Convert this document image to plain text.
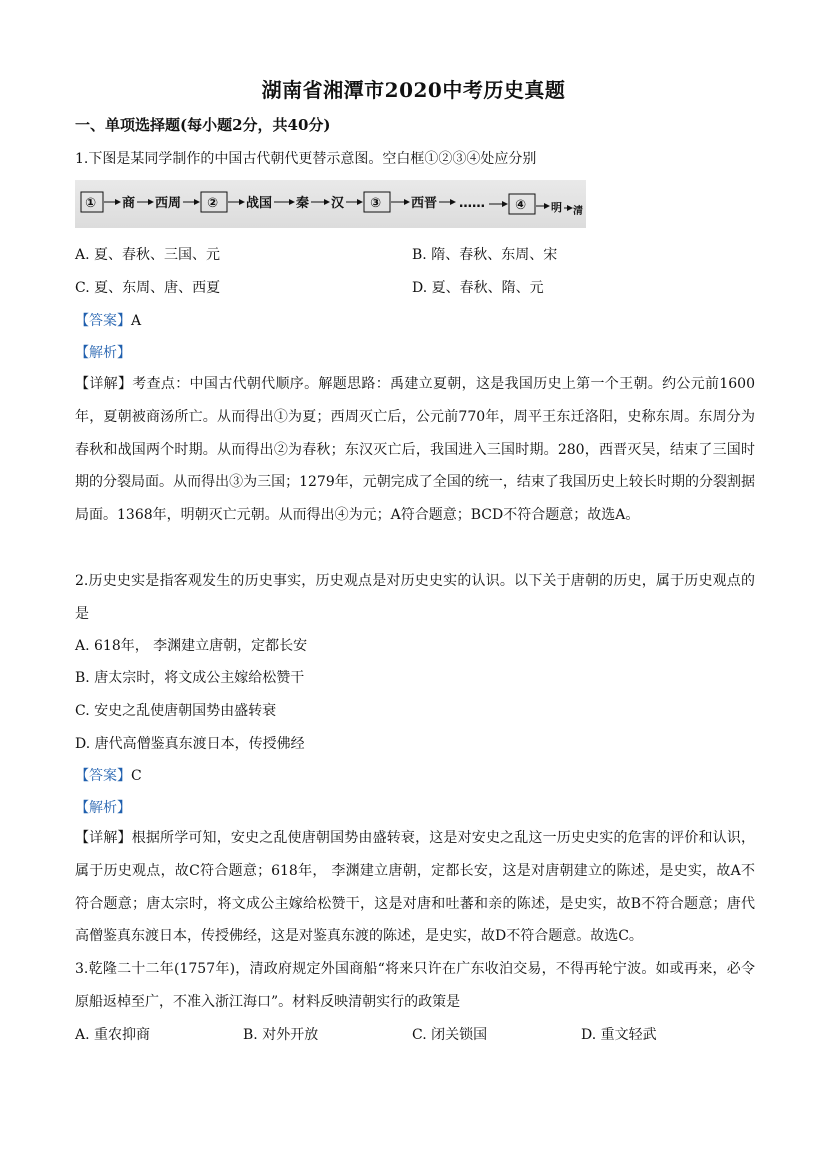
湖南省湘潭市2020中考历史真题
一、单项选择题(每小题2分，共40分)
1.下图是某同学制作的中国古代朝代更替示意图。空白框①②③④处应分别
① 商 西周 ② 战国 秦 汉 ③ 西晋 …… ④ 明 清
A. 夏、春秋、三国、元	B. 隋、春秋、东周、宋
C. 夏、东周、唐、西夏	D. 夏、春秋、隋、元
【答案】A
【解析】
【详解】考查点：中国古代朝代顺序。解题思路：禹建立夏朝，这是我国历史上第一个王朝。约公元前1600年，夏朝被商汤所亡。从而得出①为夏；西周灭亡后，公元前770年，周平王东迁洛阳，史称东周。东周分为春秋和战国两个时期。从而得出②为春秋；东汉灭亡后，我国进入三国时期。280，西晋灭吴，结束了三国时期的分裂局面。从而得出③为三国；1279年，元朝完成了全国的统一，结束了我国历史上较长时期的分裂割据局面。1368年，明朝灭亡元朝。从而得出④为元；A符合题意；BCD不符合题意；故选A。
2.历史史实是指客观发生的历史事实，历史观点是对历史史实的认识。以下关于唐朝的历史，属于历史观点的是
A. 618年， 李渊建立唐朝，定都长安
B. 唐太宗时，将文成公主嫁给松赞干
C. 安史之乱使唐朝国势由盛转衰
D. 唐代高僧鉴真东渡日本，传授佛经
【答案】C
【解析】
【详解】根据所学可知，安史之乱使唐朝国势由盛转衰，这是对安史之乱这一历史史实的危害的评价和认识，属于历史观点，故C符合题意；618年， 李渊建立唐朝，定都长安，这是对唐朝建立的陈述，是史实，故A不符合题意；唐太宗时，将文成公主嫁给松赞干，这是对唐和吐蕃和亲的陈述，是史实，故B不符合题意；唐代高僧鉴真东渡日本，传授佛经，这是对鉴真东渡的陈述，是史实，故D不符合题意。故选C。
3.乾隆二十二年(1757年)，清政府规定外国商船“将来只许在广东收泊交易，不得再轮宁波。如或再来，必令原船返棹至广，不准入浙江海口”。材料反映清朝实行的政策是
A. 重农抑商	B. 对外开放	C. 闭关锁国	D. 重文轻武
